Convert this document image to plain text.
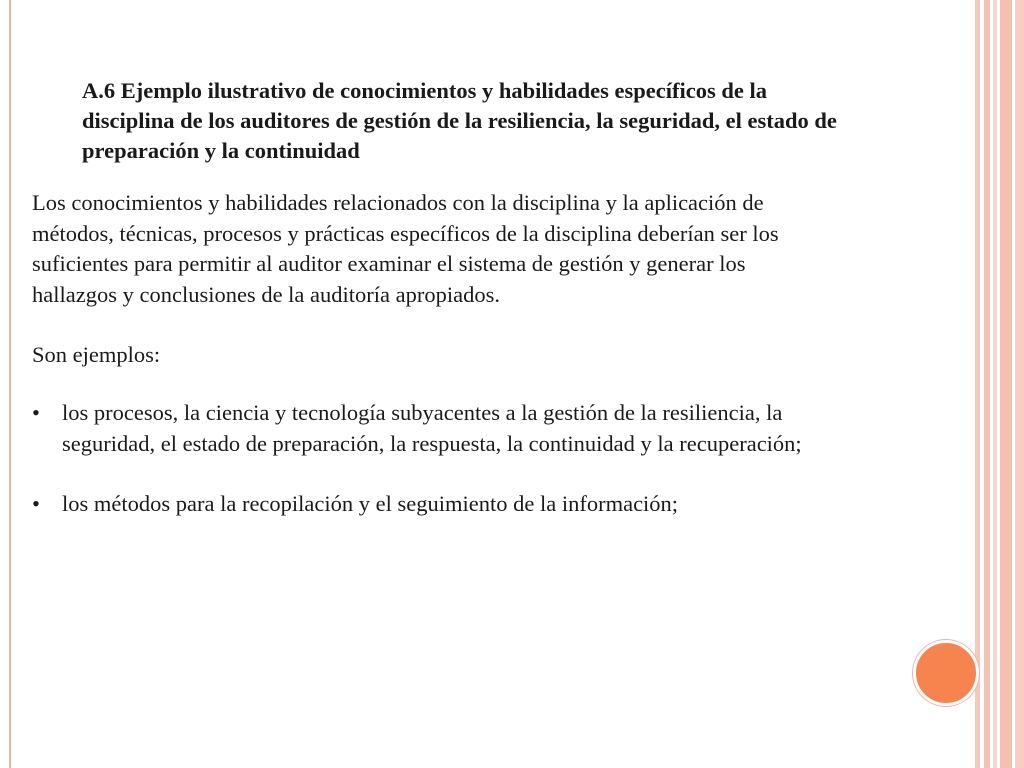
A.6 Ejemplo ilustrativo de conocimientos y habilidades específicos de la disciplina de los auditores de gestión de la resiliencia, la seguridad, el estado de preparación y la continuidad

Los conocimientos y habilidades relacionados con la disciplina y la aplicación de métodos, técnicas, procesos y prácticas específicos de la disciplina deberían ser los suficientes para permitir al auditor examinar el sistema de gestión y generar los hallazgos y conclusiones de la auditoría apropiados.

Son ejemplos:

• los procesos, la ciencia y tecnología subyacentes a la gestión de la resiliencia, la seguridad, el estado de preparación, la respuesta, la continuidad y la recuperación;
• los métodos para la recopilación y el seguimiento de la información;
